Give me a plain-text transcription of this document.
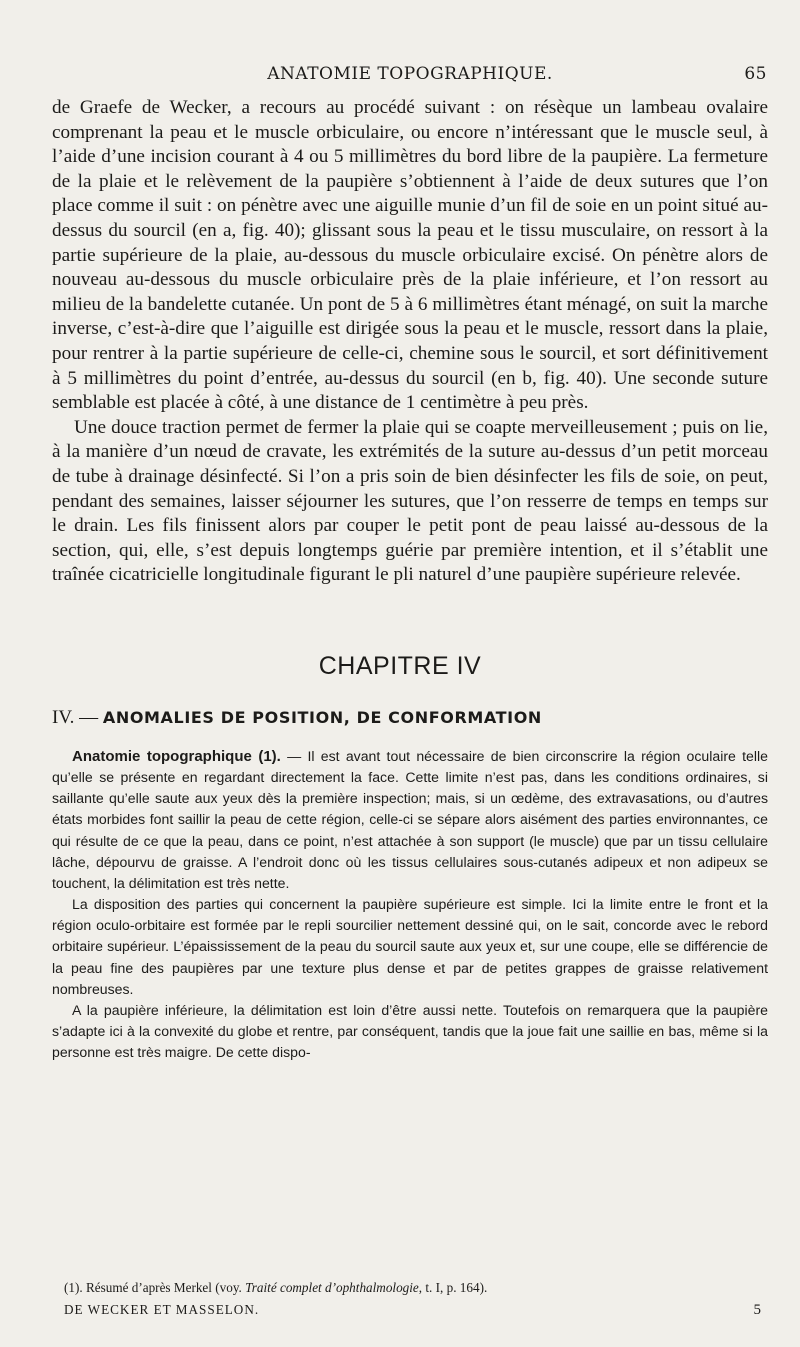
ANATOMIE TOPOGRAPHIQUE.	65

de Graefe de Wecker, a recours au procédé suivant : on résèque un lambeau ovalaire comprenant la peau et le muscle orbiculaire, ou encore n’intéressant que le muscle seul, à l’aide d’une incision courant à 4 ou 5 millimètres du bord libre de la paupière. La fermeture de la plaie et le relèvement de la paupière s’obtiennent à l’aide de deux sutures que l’on place comme il suit : on pénètre avec une aiguille munie d’un fil de soie en un point situé au-dessus du sourcil (en a, fig. 40); glissant sous la peau et le tissu musculaire, on ressort à la partie supérieure de la plaie, au-dessous du muscle orbiculaire excisé. On pénètre alors de nouveau au-dessous du muscle orbiculaire près de la plaie inférieure, et l’on ressort au milieu de la bandelette cutanée. Un pont de 5 à 6 millimètres étant ménagé, on suit la marche inverse, c’est-à-dire que l’aiguille est dirigée sous la peau et le muscle, ressort dans la plaie, pour rentrer à la partie supérieure de celle-ci, chemine sous le sourcil, et sort définitivement à 5 millimètres du point d’entrée, au-dessus du sourcil (en b, fig. 40). Une seconde suture semblable est placée à côté, à une distance de 1 centimètre à peu près.

Une douce traction permet de fermer la plaie qui se coapte merveilleusement ; puis on lie, à la manière d’un nœud de cravate, les extrémités de la suture au-dessus d’un petit morceau de tube à drainage désinfecté. Si l’on a pris soin de bien désinfecter les fils de soie, on peut, pendant des semaines, laisser séjourner les sutures, que l’on resserre de temps en temps sur le drain. Les fils finissent alors par couper le petit pont de peau laissé au-dessous de la section, qui, elle, s’est depuis longtemps guérie par première intention, et il s’établit une traînée cicatricielle longitudinale figurant le pli naturel d’une paupière supérieure relevée.

CHAPITRE IV
IV. — ANOMALIES DE POSITION, DE CONFORMATION

Anatomie topographique (1). — Il est avant tout nécessaire de bien circonscrire la région oculaire telle qu’elle se présente en regardant directement la face. Cette limite n’est pas, dans les conditions ordinaires, si saillante qu’elle saute aux yeux dès la première inspection; mais, si un œdème, des extravasations, ou d’autres états morbides font saillir la peau de cette région, celle-ci se sépare alors aisément des parties environnantes, ce qui résulte de ce que la peau, dans ce point, n’est attachée à son support (le muscle) que par un tissu cellulaire lâche, dépourvu de graisse. A l’endroit donc où les tissus cellulaires sous-cutanés adipeux et non adipeux se touchent, la délimitation est très nette.

La disposition des parties qui concernent la paupière supérieure est simple. Ici la limite entre le front et la région oculo-orbitaire est formée par le repli sourcilier nettement dessiné qui, on le sait, concorde avec le rebord orbitaire supérieur. L’épaississement de la peau du sourcil saute aux yeux et, sur une coupe, elle se différencie de la peau fine des paupières par une texture plus dense et par de petites grappes de graisse relativement nombreuses.

A la paupière inférieure, la délimitation est loin d’être aussi nette. Toutefois on remarquera que la paupière s’adapte ici à la convexité du globe et rentre, par conséquent, tandis que la joue fait une saillie en bas, même si la personne est très maigre. De cette dispo-

(1). Résumé d’après Merkel (voy. Traité complet d’ophthalmologie, t. I, p. 164).
DE WECKER ET MASSELON.	5
